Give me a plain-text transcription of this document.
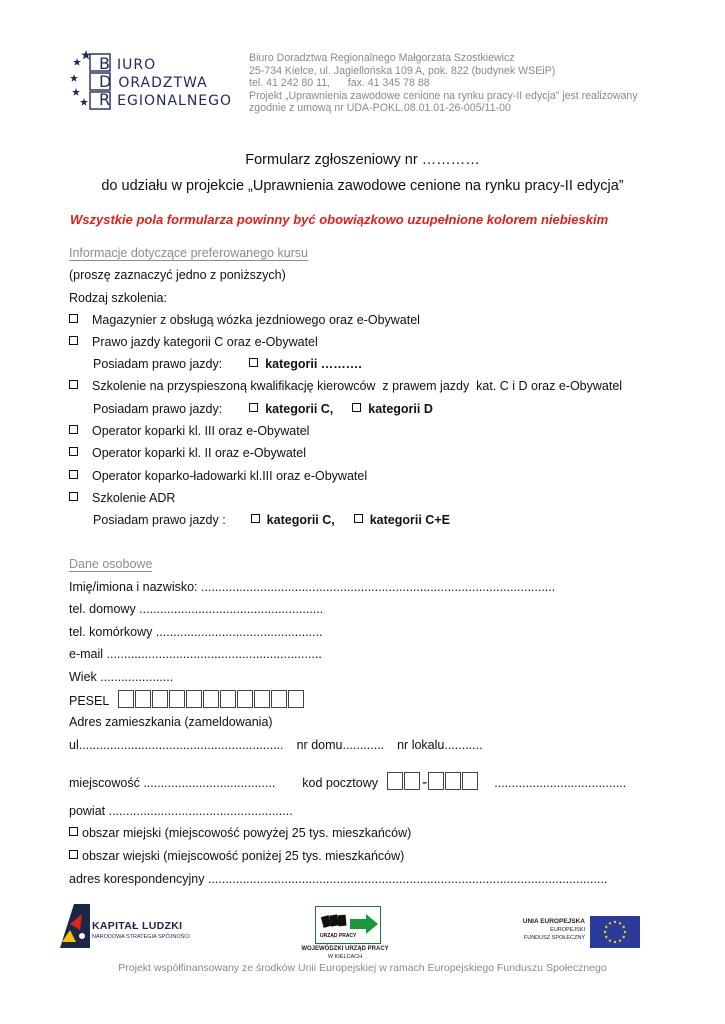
B IURO
D ORADZTWA
R EGIONALNEGO
Biuro Doradztwa Regionalnego Małgorzata Szostkiewicz
25-734 Kielce, ul. Jagiellońska 109 A, pok. 822 (budynek WSEiP)
tel. 41 242 80 11,      fax. 41 345 78 88
Projekt „Uprawnienia zawodowe cenione na rynku pracy-II edycja” jest realizowany
zgodnie z umową nr UDA-POKL.08.01.01-26-005/11-00
Formularz zgłoszeniowy nr …………
do udziału w projekcie „Uprawnienia zawodowe cenione na rynku pracy-II edycja”
Wszystkie pola formularza powinny być obowiązkowo uzupełnione kolorem niebieskim
Informacje dotyczące preferowanego kursu
(proszę zaznaczyć jedno z poniższych)
Rodzaj szkolenia:
Magazynier z obsługą wózka jezdniowego oraz e-Obywatel
Prawo jazdy kategorii C oraz e-Obywatel
Posiadam prawo jazdy:	kategorii ……….
Szkolenie na przyspieszoną kwalifikację kierowców  z prawem jazdy  kat. C i D oraz e-Obywatel
Posiadam prawo jazdy:	kategorii C,	kategorii D
Operator koparki kl. III oraz e-Obywatel
Operator koparki kl. II oraz e-Obywatel
Operator koparko-ładowarki kl.III oraz e-Obywatel
Szkolenie ADR
Posiadam prawo jazdy :	kategorii C,	kategorii C+E
Dane osobowe
Imię/imiona i nazwisko: ......................................................................................................
tel. domowy .....................................................
tel. komórkowy ................................................
e-mail ..............................................................
Wiek .....................
PESEL
Adres zamieszkania (zameldowania)
ul........................................................... nr domu............ nr lokalu...........
miejscowość ...................................... kod pocztowy	-	......................................
powiat .....................................................
obszar miejski (miejscowość powyżej 25 tys. mieszkańców)
obszar wiejski (miejscowość poniżej 25 tys. mieszkańców)
adres korespondencyjny ...................................................................................................................
KAPITAŁ LUDZKI
NARODOWA STRATEGIA SPÓJNOŚCI	URZĄD PRACY
WOJEWÓDZKI URZĄD PRACY
W KIELCACH
UNIA EUROPEJSKA
EUROPEJSKI
FUNDUSZ SPOŁECZNY
Projekt współfinansowany ze środków Unii Europejskiej w ramach Europejskiego Funduszu Społecznego
